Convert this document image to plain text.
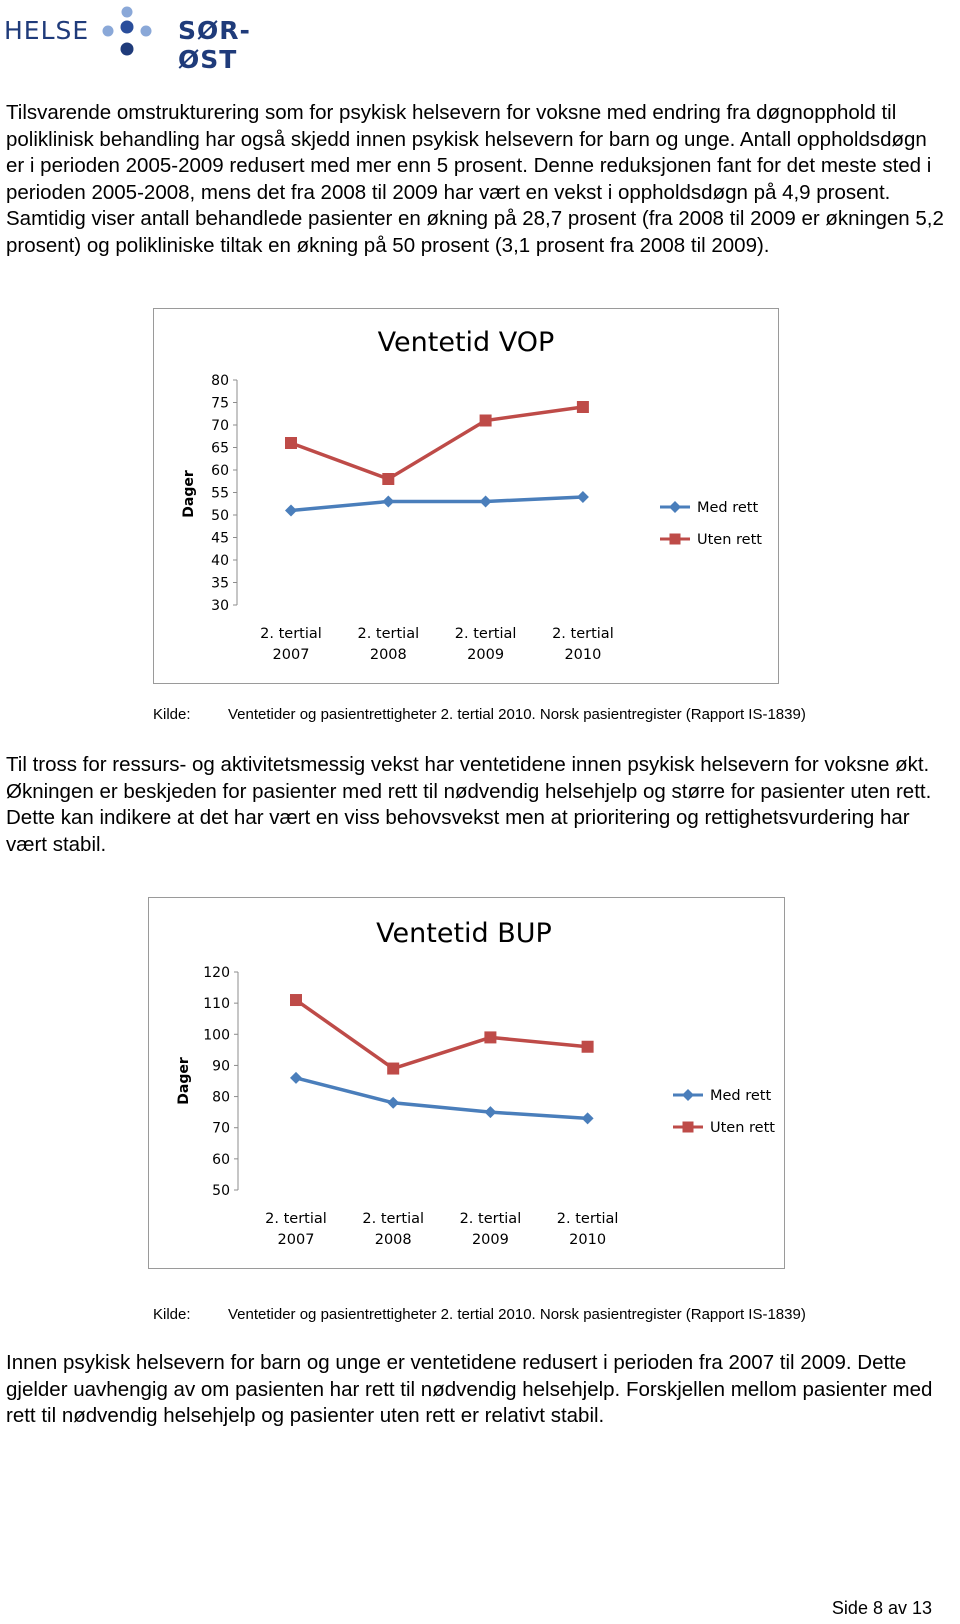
HELSE	SØR-ØST

Tilsvarende omstrukturering som for psykisk helsevern for voksne med endring fra døgnopphold til poliklinisk behandling har også skjedd innen psykisk helsevern for barn og unge. Antall oppholdsdøgn er i perioden 2005-2009 redusert med mer enn 5 prosent. Denne reduksjonen fant for det meste sted i perioden 2005-2008, mens det fra 2008 til 2009 har vært en vekst i oppholdsdøgn på 4,9 prosent. Samtidig viser antall behandlede pasienter en økning på 28,7 prosent (fra 2008 til 2009 er økningen 5,2 prosent) og polikliniske tiltak en økning på 50 prosent (3,1 prosent fra 2008 til 2009).

Ventetid VOP
Dager
30
35
40
45
50
55
60
65
70
75
80
2. tertial
2007
2. tertial
2008
2. tertial
2009
2. tertial
2010
Med rett
Uten rett
Kilde: Ventetider og pasientrettigheter 2. tertial 2010. Norsk pasientregister (Rapport IS-1839)

Til tross for ressurs- og aktivitetsmessig vekst har ventetidene innen psykisk helsevern for voksne økt. Økningen er beskjeden for pasienter med rett til nødvendig helsehjelp og større for pasienter uten rett. Dette kan indikere at det har vært en viss behovsvekst men at prioritering og rettighetsvurdering har vært stabil.

Ventetid BUP
Dager
50
60
70
80
90
100
110
120
2. tertial
2007
2. tertial
2008
2. tertial
2009
2. tertial
2010
Med rett
Uten rett
Kilde: Ventetider og pasientrettigheter 2. tertial 2010. Norsk pasientregister (Rapport IS-1839)

Innen psykisk helsevern for barn og unge er ventetidene redusert i perioden fra 2007 til 2009. Dette gjelder uavhengig av om pasienten har rett til nødvendig helsehjelp. Forskjellen mellom pasienter med rett til nødvendig helsehjelp og pasienter uten rett er relativt stabil.

Side 8 av 13
